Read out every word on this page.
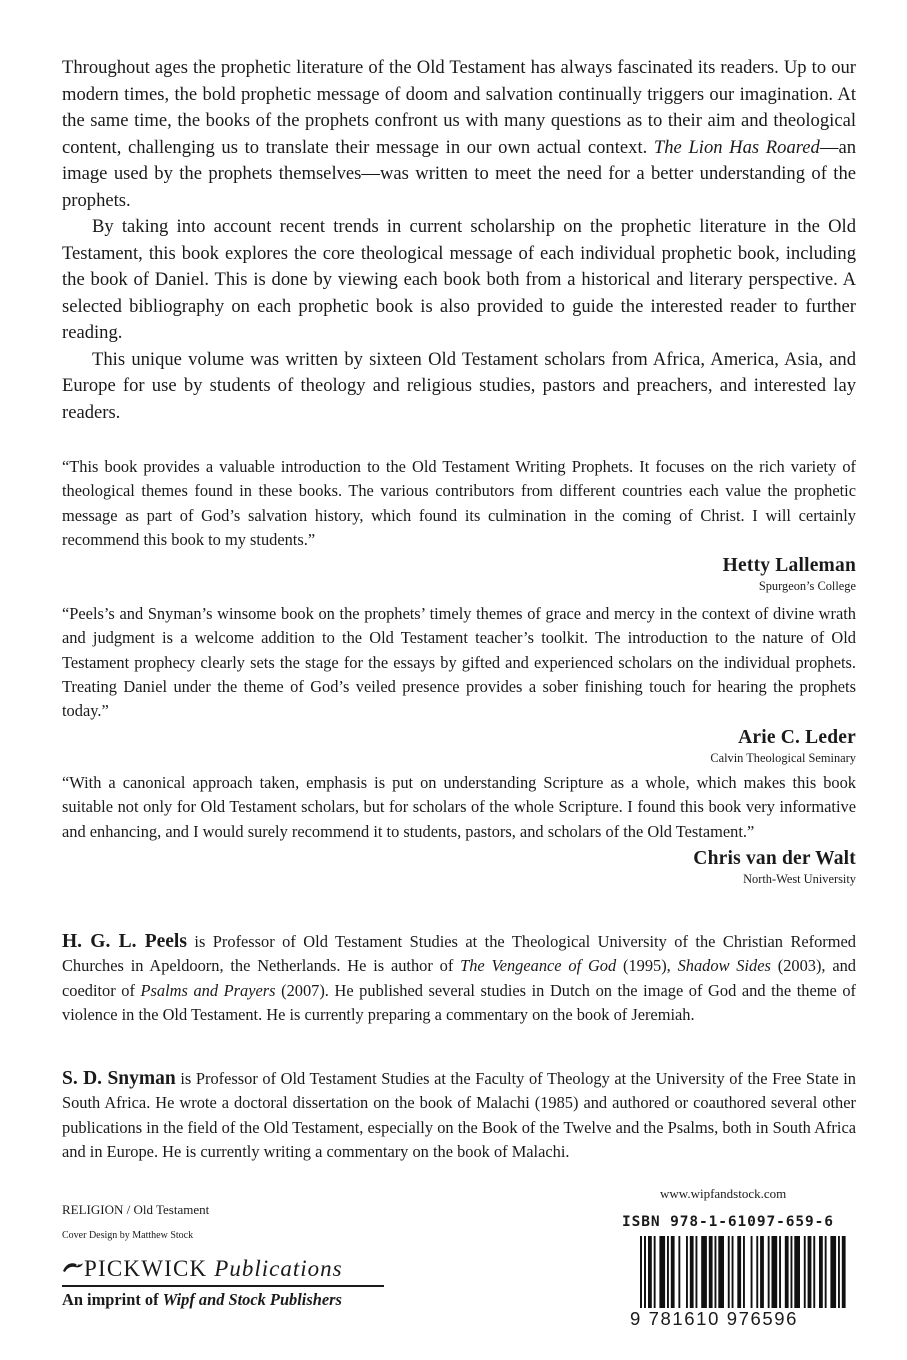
Throughout ages the prophetic literature of the Old Testament has always fascinated its readers. Up to our modern times, the bold prophetic message of doom and salvation continually triggers our imagination. At the same time, the books of the prophets confront us with many questions as to their aim and theological content, challenging us to translate their message in our own actual context. The Lion Has Roared—an image used by the prophets themselves—was written to meet the need for a better understanding of the prophets.

By taking into account recent trends in current scholarship on the prophetic literature in the Old Testament, this book explores the core theological message of each individual prophetic book, including the book of Daniel. This is done by viewing each book both from a historical and literary perspective. A selected bibliography on each prophetic book is also provided to guide the interested reader to further reading.

This unique volume was written by sixteen Old Testament scholars from Africa, America, Asia, and Europe for use by students of theology and religious studies, pastors and preachers, and interested lay readers.

“This book provides a valuable introduction to the Old Testament Writing Prophets. It focuses on the rich variety of theological themes found in these books. The various contributors from different countries each value the prophetic message as part of God’s salvation history, which found its culmination in the coming of Christ. I will certainly recommend this book to my students.”

Hetty Lalleman
Spurgeon’s College

“Peels’s and Snyman’s winsome book on the prophets’ timely themes of grace and mercy in the context of divine wrath and judgment is a welcome addition to the Old Testament teacher’s toolkit. The introduction to the nature of Old Testament prophecy clearly sets the stage for the essays by gifted and experienced scholars on the individual prophets. Treating Daniel under the theme of God’s veiled presence provides a sober finishing touch for hearing the prophets today.”

Arie C. Leder
Calvin Theological Seminary

“With a canonical approach taken, emphasis is put on understanding Scripture as a whole, which makes this book suitable not only for Old Testament scholars, but for scholars of the whole Scripture. I found this book very informative and enhancing, and I would surely recommend it to students, pastors, and scholars of the Old Testament.”

Chris van der Walt
North-West University

H. G. L. Peels is Professor of Old Testament Studies at the Theological University of the Christian Reformed Churches in Apeldoorn, the Netherlands. He is author of The Vengeance of God (1995), Shadow Sides (2003), and coeditor of Psalms and Prayers (2007). He published several studies in Dutch on the image of God and the theme of violence in the Old Testament. He is currently preparing a commentary on the book of Jeremiah.

S. D. Snyman is Professor of Old Testament Studies at the Faculty of Theology at the University of the Free State in South Africa. He wrote a doctoral dissertation on the book of Malachi (1985) and authored or coauthored several other publications in the field of the Old Testament, especially on the Book of the Twelve and the Psalms, both in South Africa and in Europe. He is currently writing a commentary on the book of Malachi.

RELIGION / Old Testament
Cover Design by Matthew Stock
PICKWICK Publications
An imprint of Wipf and Stock Publishers
www.wipfandstock.com
ISBN 978-1-61097-659-6
9 781610 976596
